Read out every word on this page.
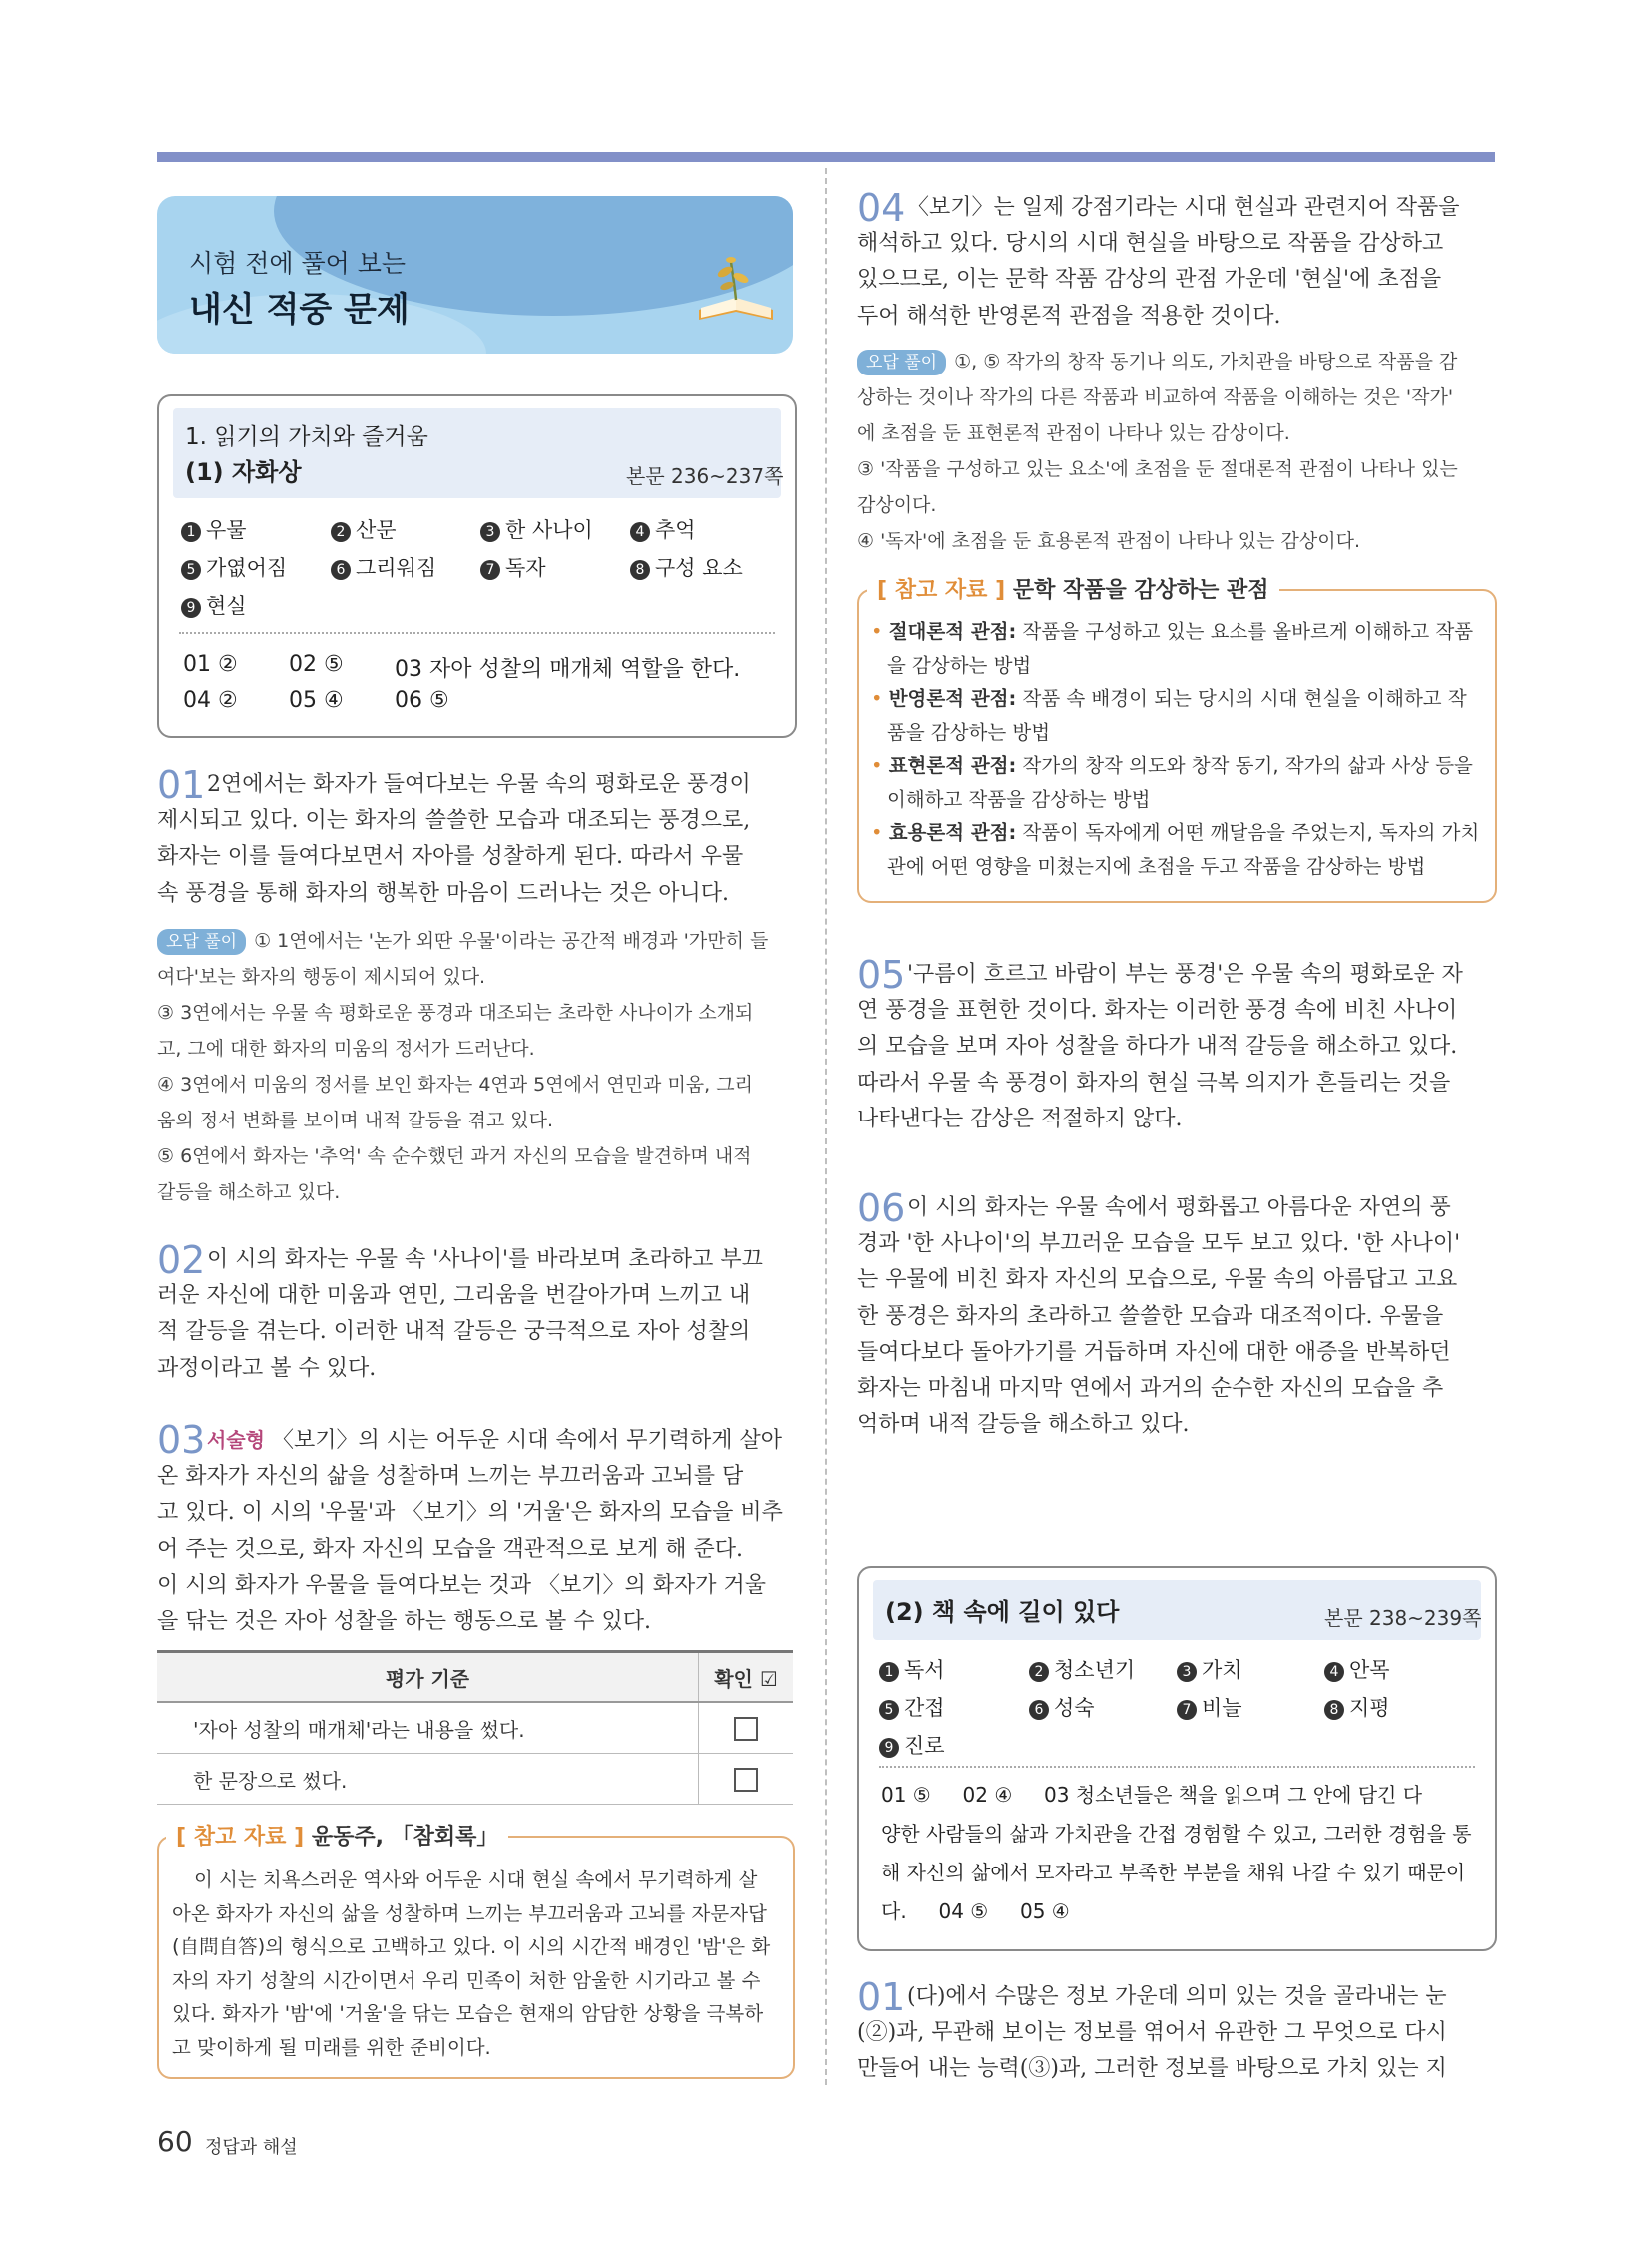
시험 전에 풀어 보는
내신 적중 문제
1. 읽기의 가치와 즐거움
(1) 자화상	본문 236~237쪽
1 우물	2 산문	3 한 사나이	4 추억
5 가엾어짐	6 그리워짐	7 독자	8 구성 요소
9 현실
01 ② 02 ⑤ 03 자아 성찰의 매개체 역할을 한다.
04 ② 05 ④ 06 ⑤
01 2연에서는 화자가 들여다보는 우물 속의 평화로운 풍경이
제시되고 있다. 이는 화자의 쓸쓸한 모습과 대조되는 풍경으로,
화자는 이를 들여다보면서 자아를 성찰하게 된다. 따라서 우물
속 풍경을 통해 화자의 행복한 마음이 드러나는 것은 아니다.
오답 풀이 ① 1연에서는 '논가 외딴 우물'이라는 공간적 배경과 '가만히 들
여다'보는 화자의 행동이 제시되어 있다.
③ 3연에서는 우물 속 평화로운 풍경과 대조되는 초라한 사나이가 소개되
고, 그에 대한 화자의 미움의 정서가 드러난다.
④ 3연에서 미움의 정서를 보인 화자는 4연과 5연에서 연민과 미움, 그리
움의 정서 변화를 보이며 내적 갈등을 겪고 있다.
⑤ 6연에서 화자는 '추억' 속 순수했던 과거 자신의 모습을 발견하며 내적
갈등을 해소하고 있다.
02 이 시의 화자는 우물 속 '사나이'를 바라보며 초라하고 부끄
러운 자신에 대한 미움과 연민, 그리움을 번갈아가며 느끼고 내
적 갈등을 겪는다. 이러한 내적 갈등은 궁극적으로 자아 성찰의
과정이라고 볼 수 있다.
03 서술형 〈보기〉의 시는 어두운 시대 속에서 무기력하게 살아
온 화자가 자신의 삶을 성찰하며 느끼는 부끄러움과 고뇌를 담
고 있다. 이 시의 '우물'과 〈보기〉의 '거울'은 화자의 모습을 비추
어 주는 것으로, 화자 자신의 모습을 객관적으로 보게 해 준다.
이 시의 화자가 우물을 들여다보는 것과 〈보기〉의 화자가 거울
을 닦는 것은 자아 성찰을 하는 행동으로 볼 수 있다.
평가 기준	확인 ☑
'자아 성찰의 매개체'라는 내용을 썼다.	
한 문장으로 썼다.	
[ 참고 자료 ] 윤동주, 「참회록」
이 시는 치욕스러운 역사와 어두운 시대 현실 속에서 무기력하게 살
아온 화자가 자신의 삶을 성찰하며 느끼는 부끄러움과 고뇌를 자문자답
(自問自答)의 형식으로 고백하고 있다. 이 시의 시간적 배경인 '밤'은 화
자의 자기 성찰의 시간이면서 우리 민족이 처한 암울한 시기라고 볼 수
있다. 화자가 '밤'에 '거울'을 닦는 모습은 현재의 암담한 상황을 극복하
고 맞이하게 될 미래를 위한 준비이다.
04 〈보기〉는 일제 강점기라는 시대 현실과 관련지어 작품을
해석하고 있다. 당시의 시대 현실을 바탕으로 작품을 감상하고
있으므로, 이는 문학 작품 감상의 관점 가운데 '현실'에 초점을
두어 해석한 반영론적 관점을 적용한 것이다.
오답 풀이 ①, ⑤ 작가의 창작 동기나 의도, 가치관을 바탕으로 작품을 감
상하는 것이나 작가의 다른 작품과 비교하여 작품을 이해하는 것은 '작가'
에 초점을 둔 표현론적 관점이 나타나 있는 감상이다.
③ '작품을 구성하고 있는 요소'에 초점을 둔 절대론적 관점이 나타나 있는
감상이다.
④ '독자'에 초점을 둔 효용론적 관점이 나타나 있는 감상이다.
[ 참고 자료 ] 문학 작품을 감상하는 관점
• 절대론적 관점: 작품을 구성하고 있는 요소를 올바르게 이해하고 작품
을 감상하는 방법
• 반영론적 관점: 작품 속 배경이 되는 당시의 시대 현실을 이해하고 작
품을 감상하는 방법
• 표현론적 관점: 작가의 창작 의도와 창작 동기, 작가의 삶과 사상 등을
이해하고 작품을 감상하는 방법
• 효용론적 관점: 작품이 독자에게 어떤 깨달음을 주었는지, 독자의 가치
관에 어떤 영향을 미쳤는지에 초점을 두고 작품을 감상하는 방법
05 '구름이 흐르고 바람이 부는 풍경'은 우물 속의 평화로운 자
연 풍경을 표현한 것이다. 화자는 이러한 풍경 속에 비친 사나이
의 모습을 보며 자아 성찰을 하다가 내적 갈등을 해소하고 있다.
따라서 우물 속 풍경이 화자의 현실 극복 의지가 흔들리는 것을
나타낸다는 감상은 적절하지 않다.
06 이 시의 화자는 우물 속에서 평화롭고 아름다운 자연의 풍
경과 '한 사나이'의 부끄러운 모습을 모두 보고 있다. '한 사나이'
는 우물에 비친 화자 자신의 모습으로, 우물 속의 아름답고 고요
한 풍경은 화자의 초라하고 쓸쓸한 모습과 대조적이다. 우물을
들여다보다 돌아가기를 거듭하며 자신에 대한 애증을 반복하던
화자는 마침내 마지막 연에서 과거의 순수한 자신의 모습을 추
억하며 내적 갈등을 해소하고 있다.
(2) 책 속에 길이 있다	본문 238~239쪽
1 독서	2 청소년기	3 가치	4 안목
5 간접	6 성숙	7 비늘	8 지평
9 진로
01 ⑤     02 ④     03 청소년들은 책을 읽으며 그 안에 담긴 다
양한 사람들의 삶과 가치관을 간접 경험할 수 있고, 그러한 경험을 통
해 자신의 삶에서 모자라고 부족한 부분을 채워 나갈 수 있기 때문이
다.     04 ⑤     05 ④
01 (다)에서 수많은 정보 가운데 의미 있는 것을 골라내는 눈
(②)과, 무관해 보이는 정보를 엮어서 유관한 그 무엇으로 다시
만들어 내는 능력(③)과, 그러한 정보를 바탕으로 가치 있는 지
60 정답과 해설
